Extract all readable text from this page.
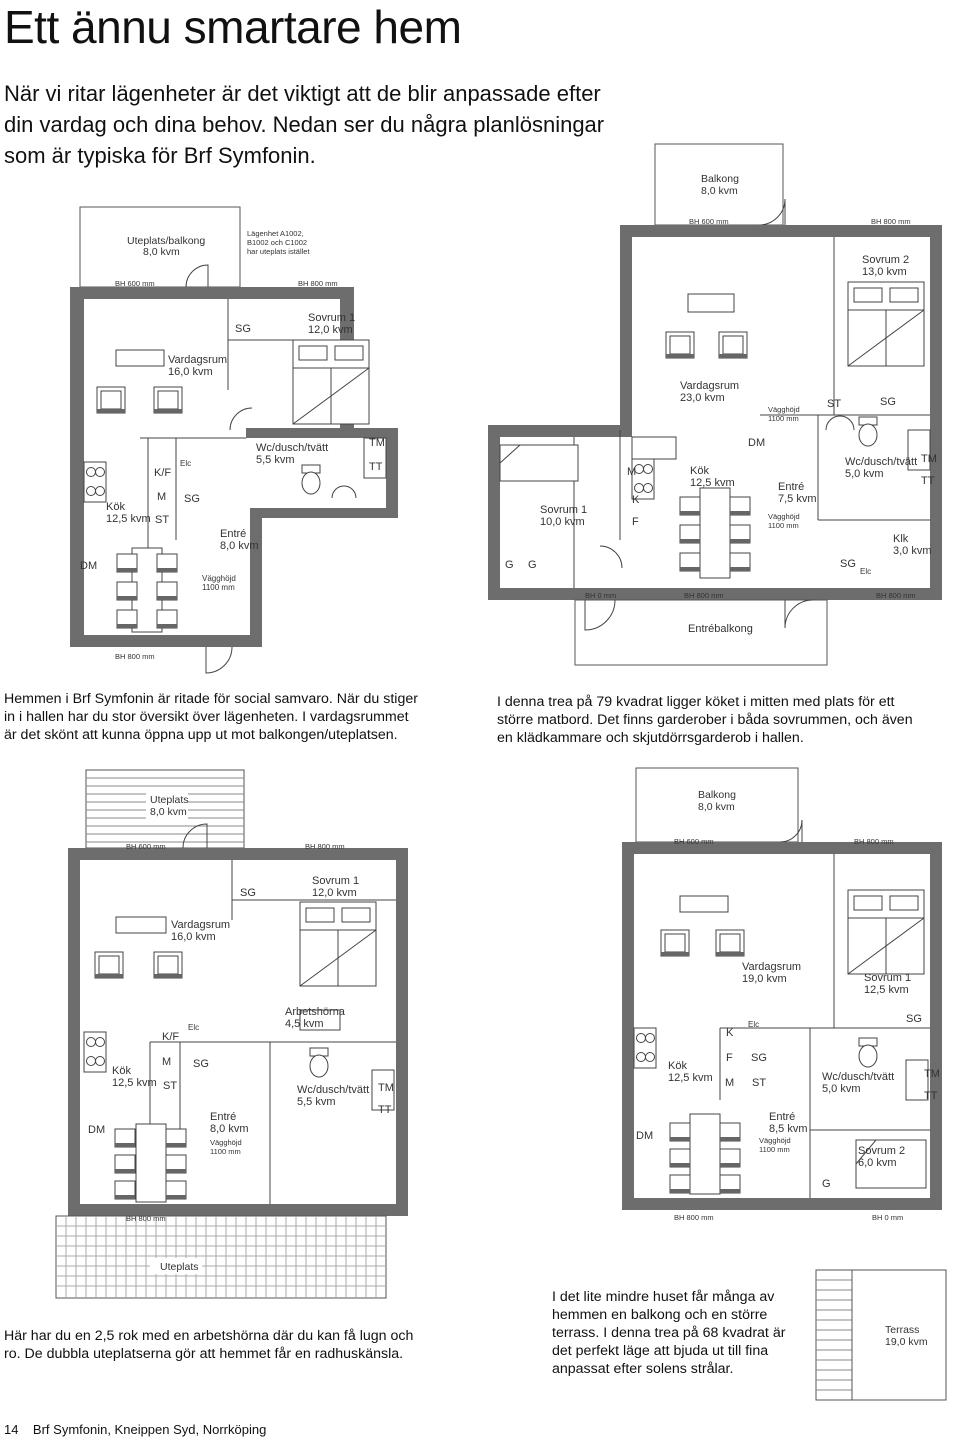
Ett ännu smartare hem
När vi ritar lägenheter är det viktigt att de blir anpassade efter
din vardag och dina behov. Nedan ser du några planlösningar
som är typiska för Brf Symfonin.
Uteplats/balkong
8,0 kvm
Lägenhet A1002,
B1002 och C1002
har uteplats istället
BH 600 mm	BH 800 mm
SG
Sovrum 1
12,0 kvm
Vardagsrum
16,0 kvm
Wc/dusch/tvätt
5,5 kvm
TM
TT
K/F
Elc
M SG
ST
Kök
12,5 kvm
Entré
8,0 kvm
Vägghöjd
1100 mm
DM
BH 800 mm
Balkong
8,0 kvm
BH 600 mm	BH 800 mm
Sovrum 2
13,0 kvm
Vardagsrum
23,0 kvm
Vägghöjd
1100 mm
ST	SG
DM
M
K
F
Kök
12,5 kvm	Entré
7,5 kvm
Vägghöjd
1100 mm
Wc/dusch/tvätt
5,0 kvm
TM
TT
Sovrum 1
10,0 kvm
G G
Klk
3,0 kvm
SG
Elc
BH 0 mm	BH 800 mm	BH 800 mm
Entrébalkong
Uteplats
8,0 kvm
BH 600 mm	BH 800 mm
SG
Sovrum 1
12,0 kvm
Vardagsrum
16,0 kvm
Arbetshörna
4,5 kvm
K/F
Elc
M SG
ST
Kök
12,5 kvm
Wc/dusch/tvätt
5,5 kvm
TM
TT
Entré
8,0 kvm
Vägghöjd
1100 mm
DM
BH 800 mm
Uteplats
Balkong
8,0 kvm
BH 600 mm	BH 800 mm
Vardagsrum
19,0 kvm	Sovrum 1
12,5 kvm
K
Elc	SG
F SG
Kök
12,5 kvm M ST	Wc/dusch/tvätt
5,0 kvm
TM
TT
Entré
8,5 kvm
Vägghöjd
1100 mm
DM
Sovrum 2
6,0 kvm
G
BH 800 mm	BH 0 mm
Terrass
19,0 kvm
Hemmen i Brf Symfonin är ritade för social samvaro. När du stiger
in i hallen har du stor översikt över lägenheten. I vardagsrummet
är det skönt att kunna öppna upp ut mot balkongen/uteplatsen.
I denna trea på 79 kvadrat ligger köket i mitten med plats för ett
större matbord. Det finns garderober i båda sovrummen, och även
en klädkammare och skjutdörrsgarderob i hallen.
Här har du en 2,5 rok med en arbetshörna där du kan få lugn och
ro. De dubbla uteplatserna gör att hemmet får en radhuskänsla.
I det lite mindre huset får många av
hemmen en balkong och en större
terrass. I denna trea på 68 kvadrat är
det perfekt läge att bjuda ut till fina
anpassat efter solens strålar.
14 Brf Symfonin, Kneippen Syd, Norrköping
